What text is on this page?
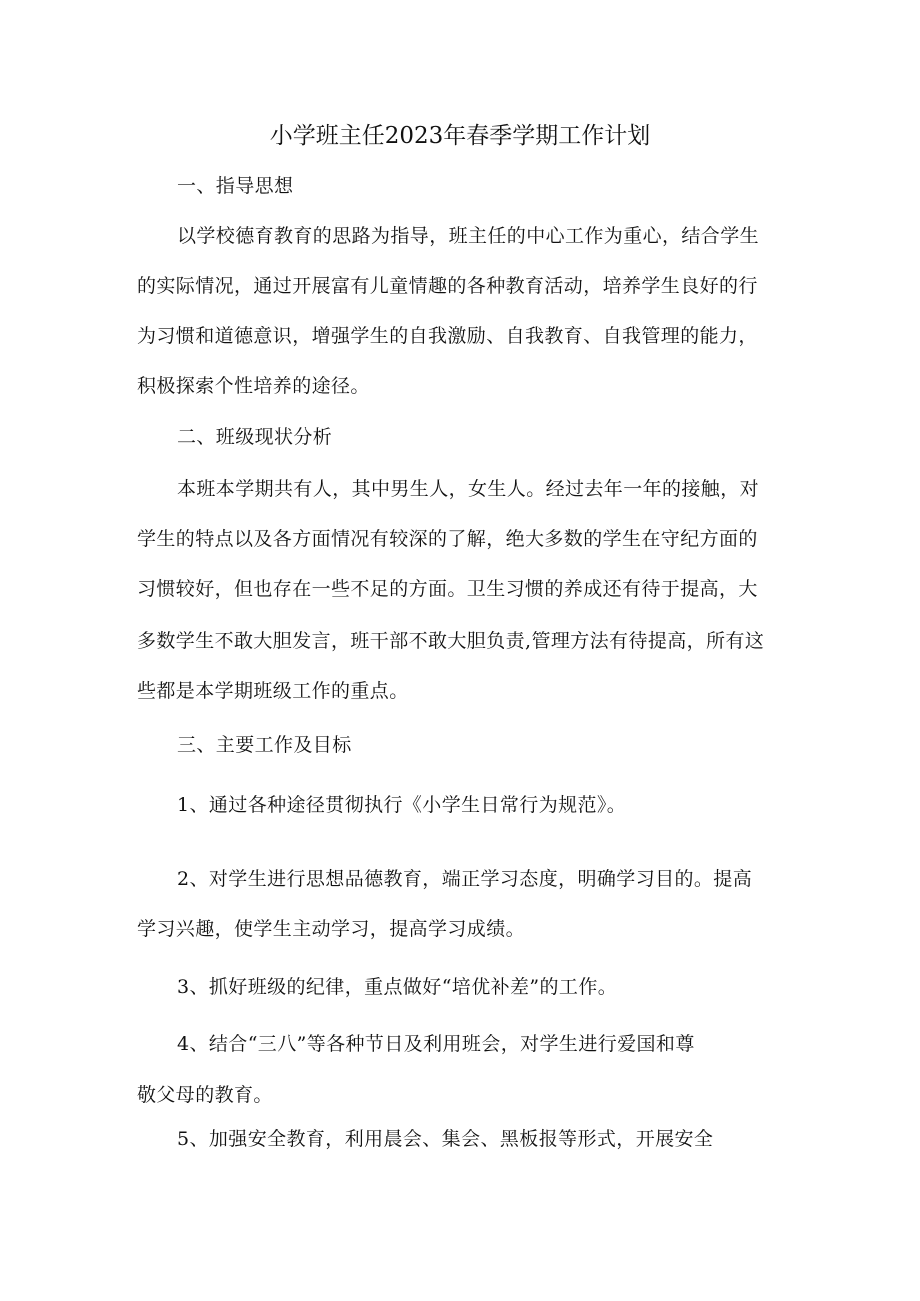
小学班主任2023年春季学期工作计划
一、指导思想
以学校德育教育的思路为指导，班主任的中心工作为重心，结合学生
的实际情况，通过开展富有儿童情趣的各种教育活动，培养学生良好的行
为习惯和道德意识，增强学生的自我激励、自我教育、自我管理的能力，
积极探索个性培养的途径。
二、班级现状分析
本班本学期共有人，其中男生人，女生人。经过去年一年的接触，对
学生的特点以及各方面情况有较深的了解，绝大多数的学生在守纪方面的
习惯较好，但也存在一些不足的方面。卫生习惯的养成还有待于提高，大
多数学生不敢大胆发言，班干部不敢大胆负责,管理方法有待提高，所有这
些都是本学期班级工作的重点。
三、主要工作及目标
1、通过各种途径贯彻执行《小学生日常行为规范》。
2、对学生进行思想品德教育，端正学习态度，明确学习目的。提高
学习兴趣，使学生主动学习，提高学习成绩。
3、抓好班级的纪律，重点做好“培优补差”的工作。
4、结合“三八”等各种节日及利用班会，对学生进行爱国和尊
敬父母的教育。
5、加强安全教育，利用晨会、集会、黑板报等形式，开展安全
